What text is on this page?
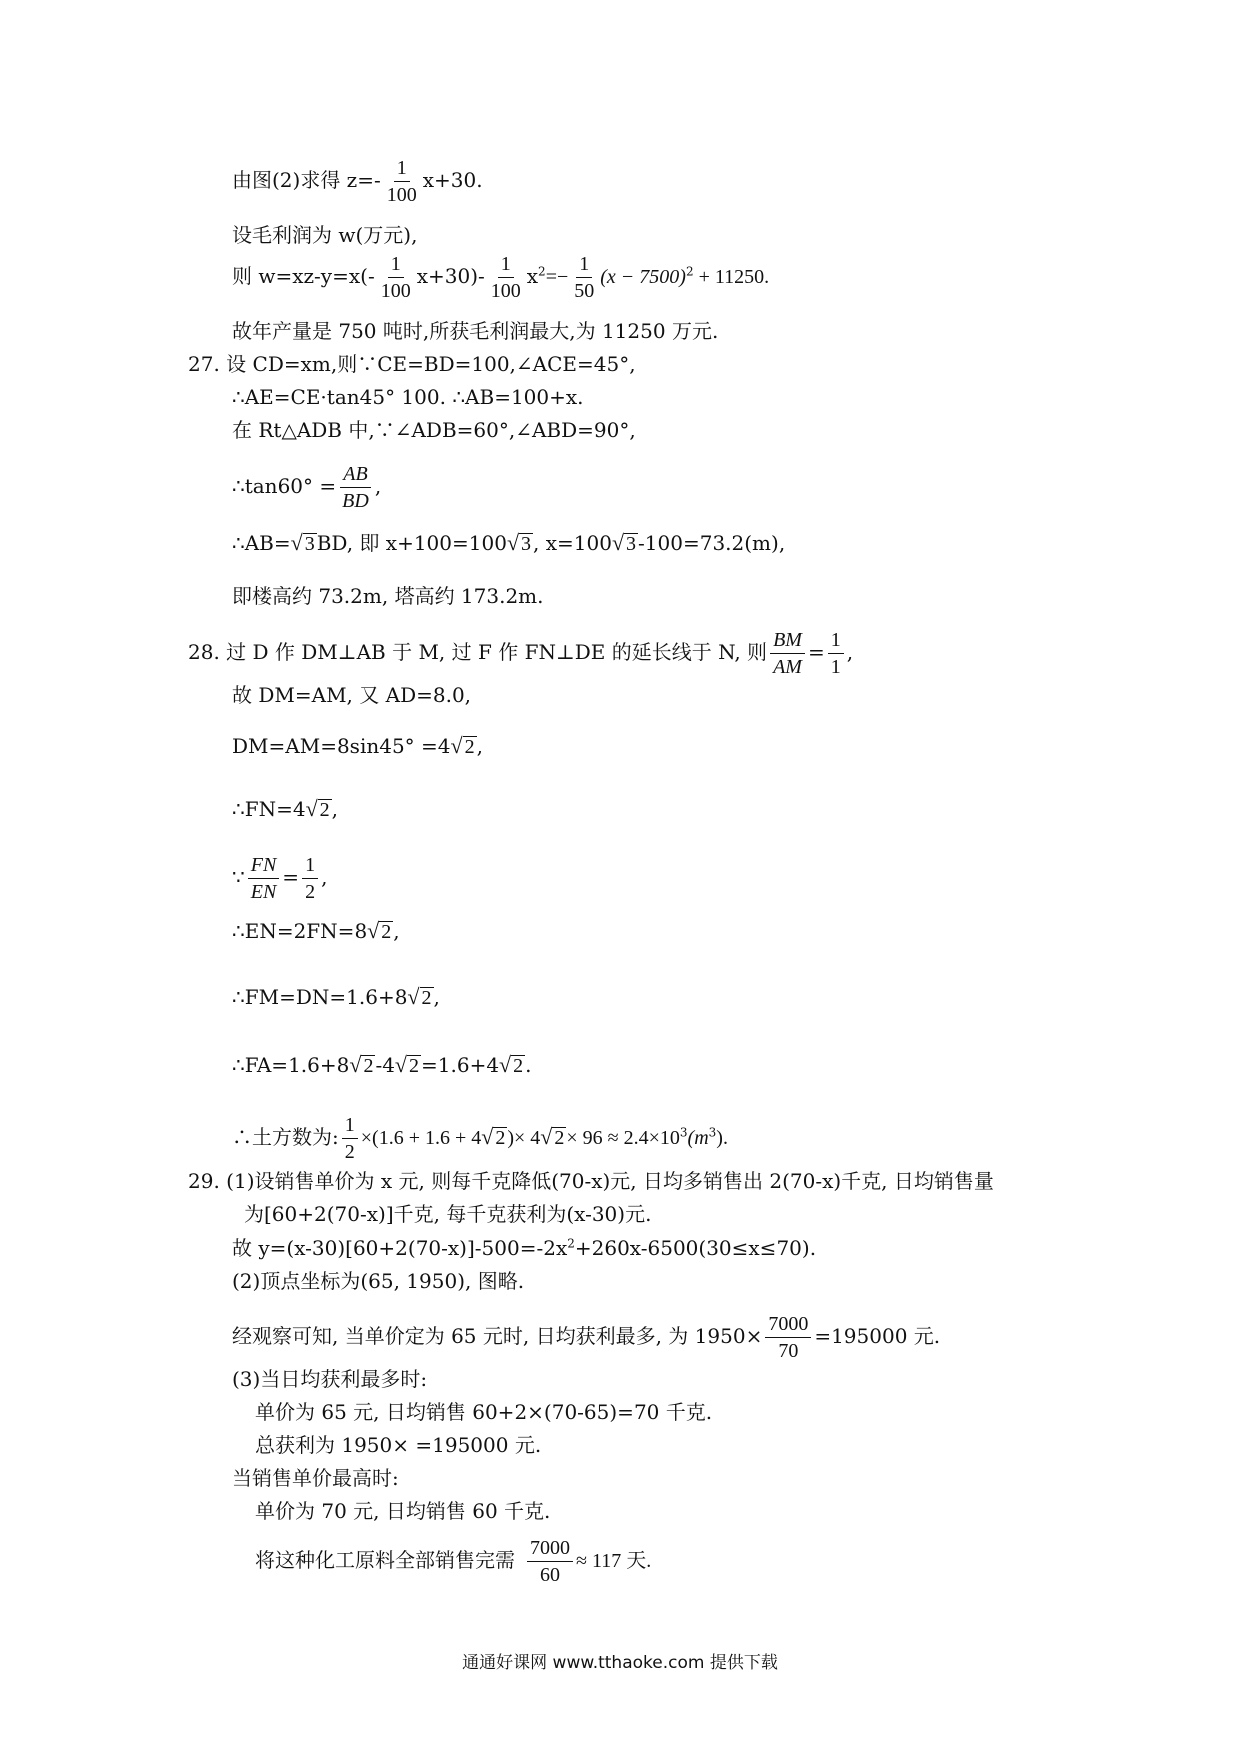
由图(2)求得 $z=- \frac{1}{100} x+30$.
设毛利润为 w(万元),
则 $w=xz-y=x(- \frac{1}{100} x+30)- \frac{1}{100} x^2=- \frac{1}{50} (x - 7500)^2 + 11250$.
故年产量是 750 吨时,所获毛利润最大,为 11250 万元.
27. 设 CD=xm,则∵CE=BD=100,∠ACE=45°,
∴AE=CE·tan45° 100. ∴AB=100+x.
在 Rt△ADB 中,∵∠ADB=60°,∠ABD=90°,
∴tan60° = $\frac{AB}{BD}$ ,
∴AB= √ 3 BD, 即 x+100=100 √ 3 , x=100 √ 3 -100=73.2(m),
即楼高约 73.2m, 塔高约 173.2m.
28. 过 D 作 DM⊥AB 于 M, 过 F 作 FN⊥DE 的延长线于 N, 则 $\frac{BM}{AM} = \frac{1}{1}$ ,
故 DM=AM, 又 AD=8.0,
DM=AM=8sin45° =4 √ 2 ,
∴FN=4 √ 2 ,
∵ $\frac{FN}{EN} = \frac{1}{2}$ ,
∴EN=2FN=8 √ 2 ,
∴FM=DN=1.6+8 √ 2 ,
∴FA=1.6+8 √ 2 -4 √ 2 =1.6+4 √ 2 .
∴土方数为: $\frac{1}{2} \times(1.6 + 1.6 + 4$ √ 2 )× 4 √ $2 \times 96 \approx 2.4\times 10^3(m^3)$.
29. (1)设销售单价为 x 元, 则每千克降低(70-x)元, 日均多销售出 2(70-x)千克, 日均销售量
为[60+2(70-x)]千克, 每千克获利为(x-30)元.
故 $y=(x-30)[60+2(70-x)]-500=-2x^2+260x-6500(30\le x\le 70)$.
(2)顶点坐标为(65, 1950), 图略.
经观察可知, 当单价定为 65 元时, 日均获利最多, 为 $1950\times \frac{7000}{70} =195000$ 元.
(3)当日均获利最多时:
单价为 65 元, 日均销售 60+2×(70-65)=70 千克.
总获利为 1950× =195000 元.
当销售单价最高时:
单价为 70 元, 日均销售 60 千克.
将这种化工原料全部销售完需 $\frac{7000}{60} \approx 117$ 天.
通通好课网 www.tthaoke.com 提供下载
